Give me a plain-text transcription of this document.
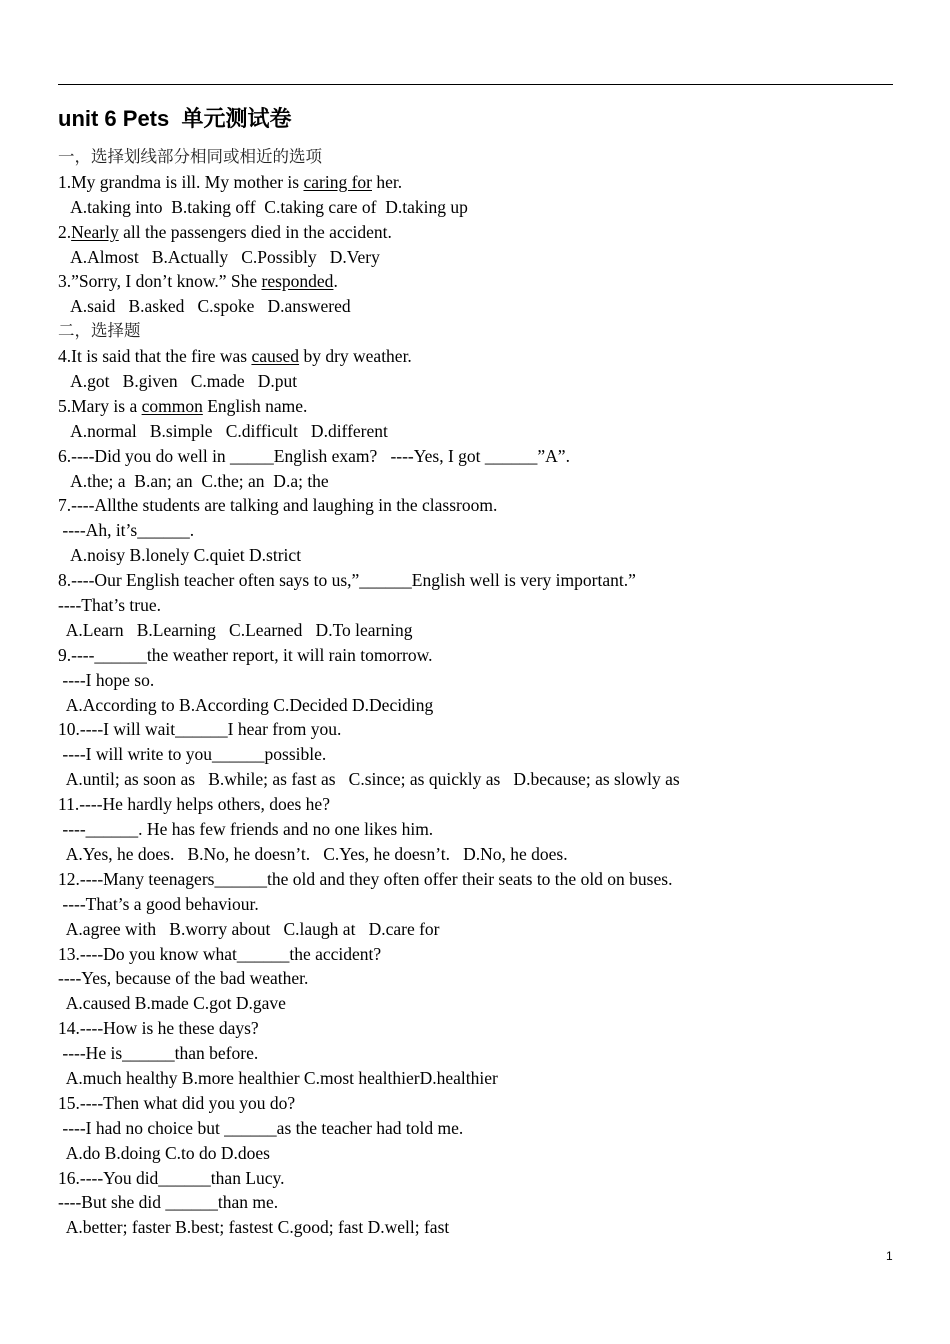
unit 6 Pets  单元测试卷
一，选择划线部分相同或相近的选项
1.My grandma is ill. My mother is caring for her.
A.taking into  B.taking off  C.taking care of  D.taking up
2.Nearly all the passengers died in the accident.
A.Almost   B.Actually   C.Possibly   D.Very
3.”Sorry, I don’t know.” She responded.
A.said   B.asked   C.spoke   D.answered
二，选择题
4.It is said that the fire was caused by dry weather.
A.got   B.given   C.made   D.put
5.Mary is a common English name.
A.normal   B.simple   C.difficult   D.different
6.----Did you do well in _____English exam?   ----Yes, I got ______”A”.
A.the; a  B.an; an  C.the; an  D.a; the
7.----Allthe students are talking and laughing in the classroom.
----Ah, it’s______.
A.noisy B.lonely C.quiet D.strict
8.----Our English teacher often says to us,”______English well is very important.”
----That’s true.
A.Learn   B.Learning   C.Learned   D.To learning
9.----______the weather report, it will rain tomorrow.
----I hope so.
A.According to B.According C.Decided D.Deciding
10.----I will wait______I hear from you.
----I will write to you______possible.
A.until; as soon as   B.while; as fast as   C.since; as quickly as   D.because; as slowly as
11.----He hardly helps others, does he?
----______. He has few friends and no one likes him.
A.Yes, he does.   B.No, he doesn’t.   C.Yes, he doesn’t.   D.No, he does.
12.----Many teenagers______the old and they often offer their seats to the old on buses.
----That’s a good behaviour.
A.agree with   B.worry about   C.laugh at   D.care for
13.----Do you know what______the accident?
----Yes, because of the bad weather.
A.caused B.made C.got D.gave
14.----How is he these days?
----He is______than before.
A.much healthy B.more healthier C.most healthierD.healthier
15.----Then what did you you do?
----I had no choice but ______as the teacher had told me.
A.do B.doing C.to do D.does
16.----You did______than Lucy.
----But she did ______than me.
A.better; faster B.best; fastest C.good; fast D.well; fast
1
